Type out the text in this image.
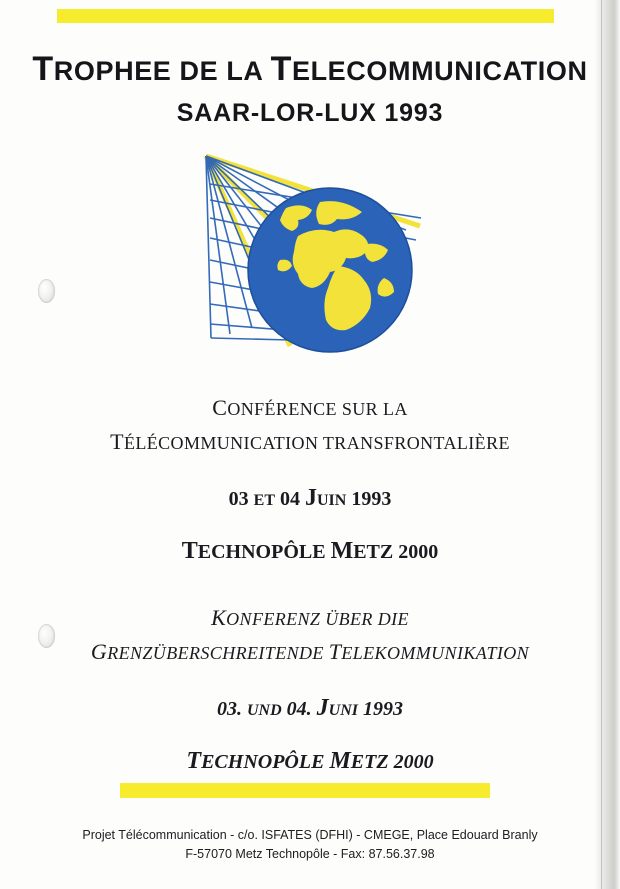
TROPHEE DE LA TELECOMMUNICATION
SAAR-LOR-LUX 1993
CONFÉRENCE SUR LA
TÉLÉCOMMUNICATION TRANSFRONTALIÈRE
03 ET 04 JUIN 1993
TECHNOPÔLE METZ 2000
KONFERENZ ÜBER DIE
GRENZÜBERSCHREITENDE TELEKOMMUNIKATION
03. UND 04. JUNI 1993
TECHNOPÔLE METZ 2000
Projet Télécommunication - c/o. ISFATES (DFHI) - CMEGE, Place Edouard Branly
F-57070 Metz Technopôle - Fax: 87.56.37.98
